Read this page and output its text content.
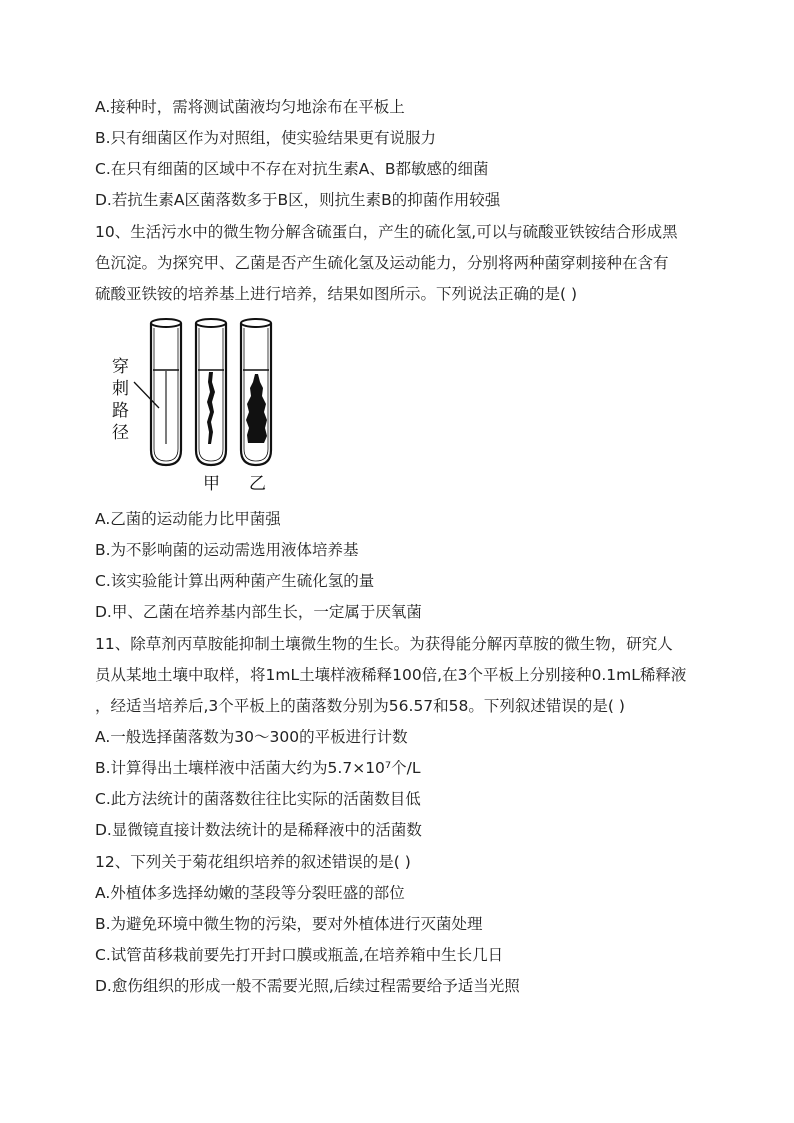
A.接种时，需将测试菌液均匀地涂布在平板上
B.只有细菌区作为对照组，使实验结果更有说服力
C.在只有细菌的区域中不存在对抗生素A、B都敏感的细菌
D.若抗生素A区菌落数多于B区，则抗生素B的抑菌作用较强
10、生活污水中的微生物分解含硫蛋白，产生的硫化氢,可以与硫酸亚铁铵结合形成黑
色沉淀。为探究甲、乙菌是否产生硫化氢及运动能力，分别将两种菌穿刺接种在含有
硫酸亚铁铵的培养基上进行培养，结果如图所示。下列说法正确的是( )
穿
刺
路
径
甲 乙
A.乙菌的运动能力比甲菌强
B.为不影响菌的运动需选用液体培养基
C.该实验能计算出两种菌产生硫化氢的量
D.甲、乙菌在培养基内部生长，一定属于厌氧菌
11、除草剂丙草胺能抑制土壤微生物的生长。为获得能分解丙草胺的微生物，研究人
员从某地土壤中取样，将1mL土壤样液稀释100倍,在3个平板上分别接种0.1mL稀释液
，经适当培养后,3个平板上的菌落数分别为56.57和58。下列叙述错误的是( )
A.一般选择菌落数为30～300的平板进行计数
B.计算得出土壤样液中活菌大约为5.7×10⁷个/L
C.此方法统计的菌落数往往比实际的活菌数目低
D.显微镜直接计数法统计的是稀释液中的活菌数
12、下列关于菊花组织培养的叙述错误的是( )
A.外植体多选择幼嫩的茎段等分裂旺盛的部位
B.为避免环境中微生物的污染，要对外植体进行灭菌处理
C.试管苗移栽前要先打开封口膜或瓶盖,在培养箱中生长几日
D.愈伤组织的形成一般不需要光照,后续过程需要给予适当光照
